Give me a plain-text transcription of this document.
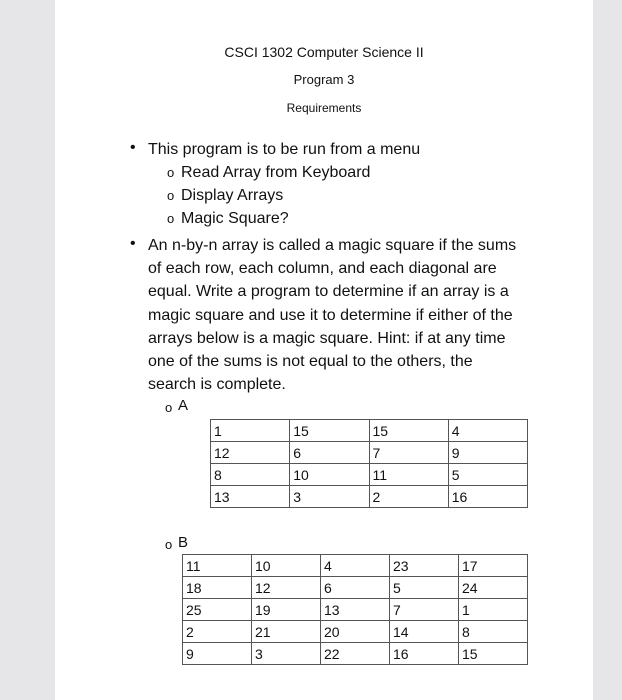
CSCI 1302 Computer Science II
Program 3
Requirements
• This program is to be run from a menu
o Read Array from Keyboard
o Display Arrays
o Magic Square?
• An n-by-n array is called a magic square if the sums
of each row, each column, and each diagonal are
equal. Write a program to determine if an array is a
magic square and use it to determine if either of the
arrays below is a magic square. Hint: if at any time
one of the sums is not equal to the others, the
search is complete.
o A
1	15	15	4
12	6	7	9
8	10	11	5
13	3	2	16
o B
11	10	4	23	17
18	12	6	5	24
25	19	13	7	1
2	21	20	14	8
9	3	22	16	15
